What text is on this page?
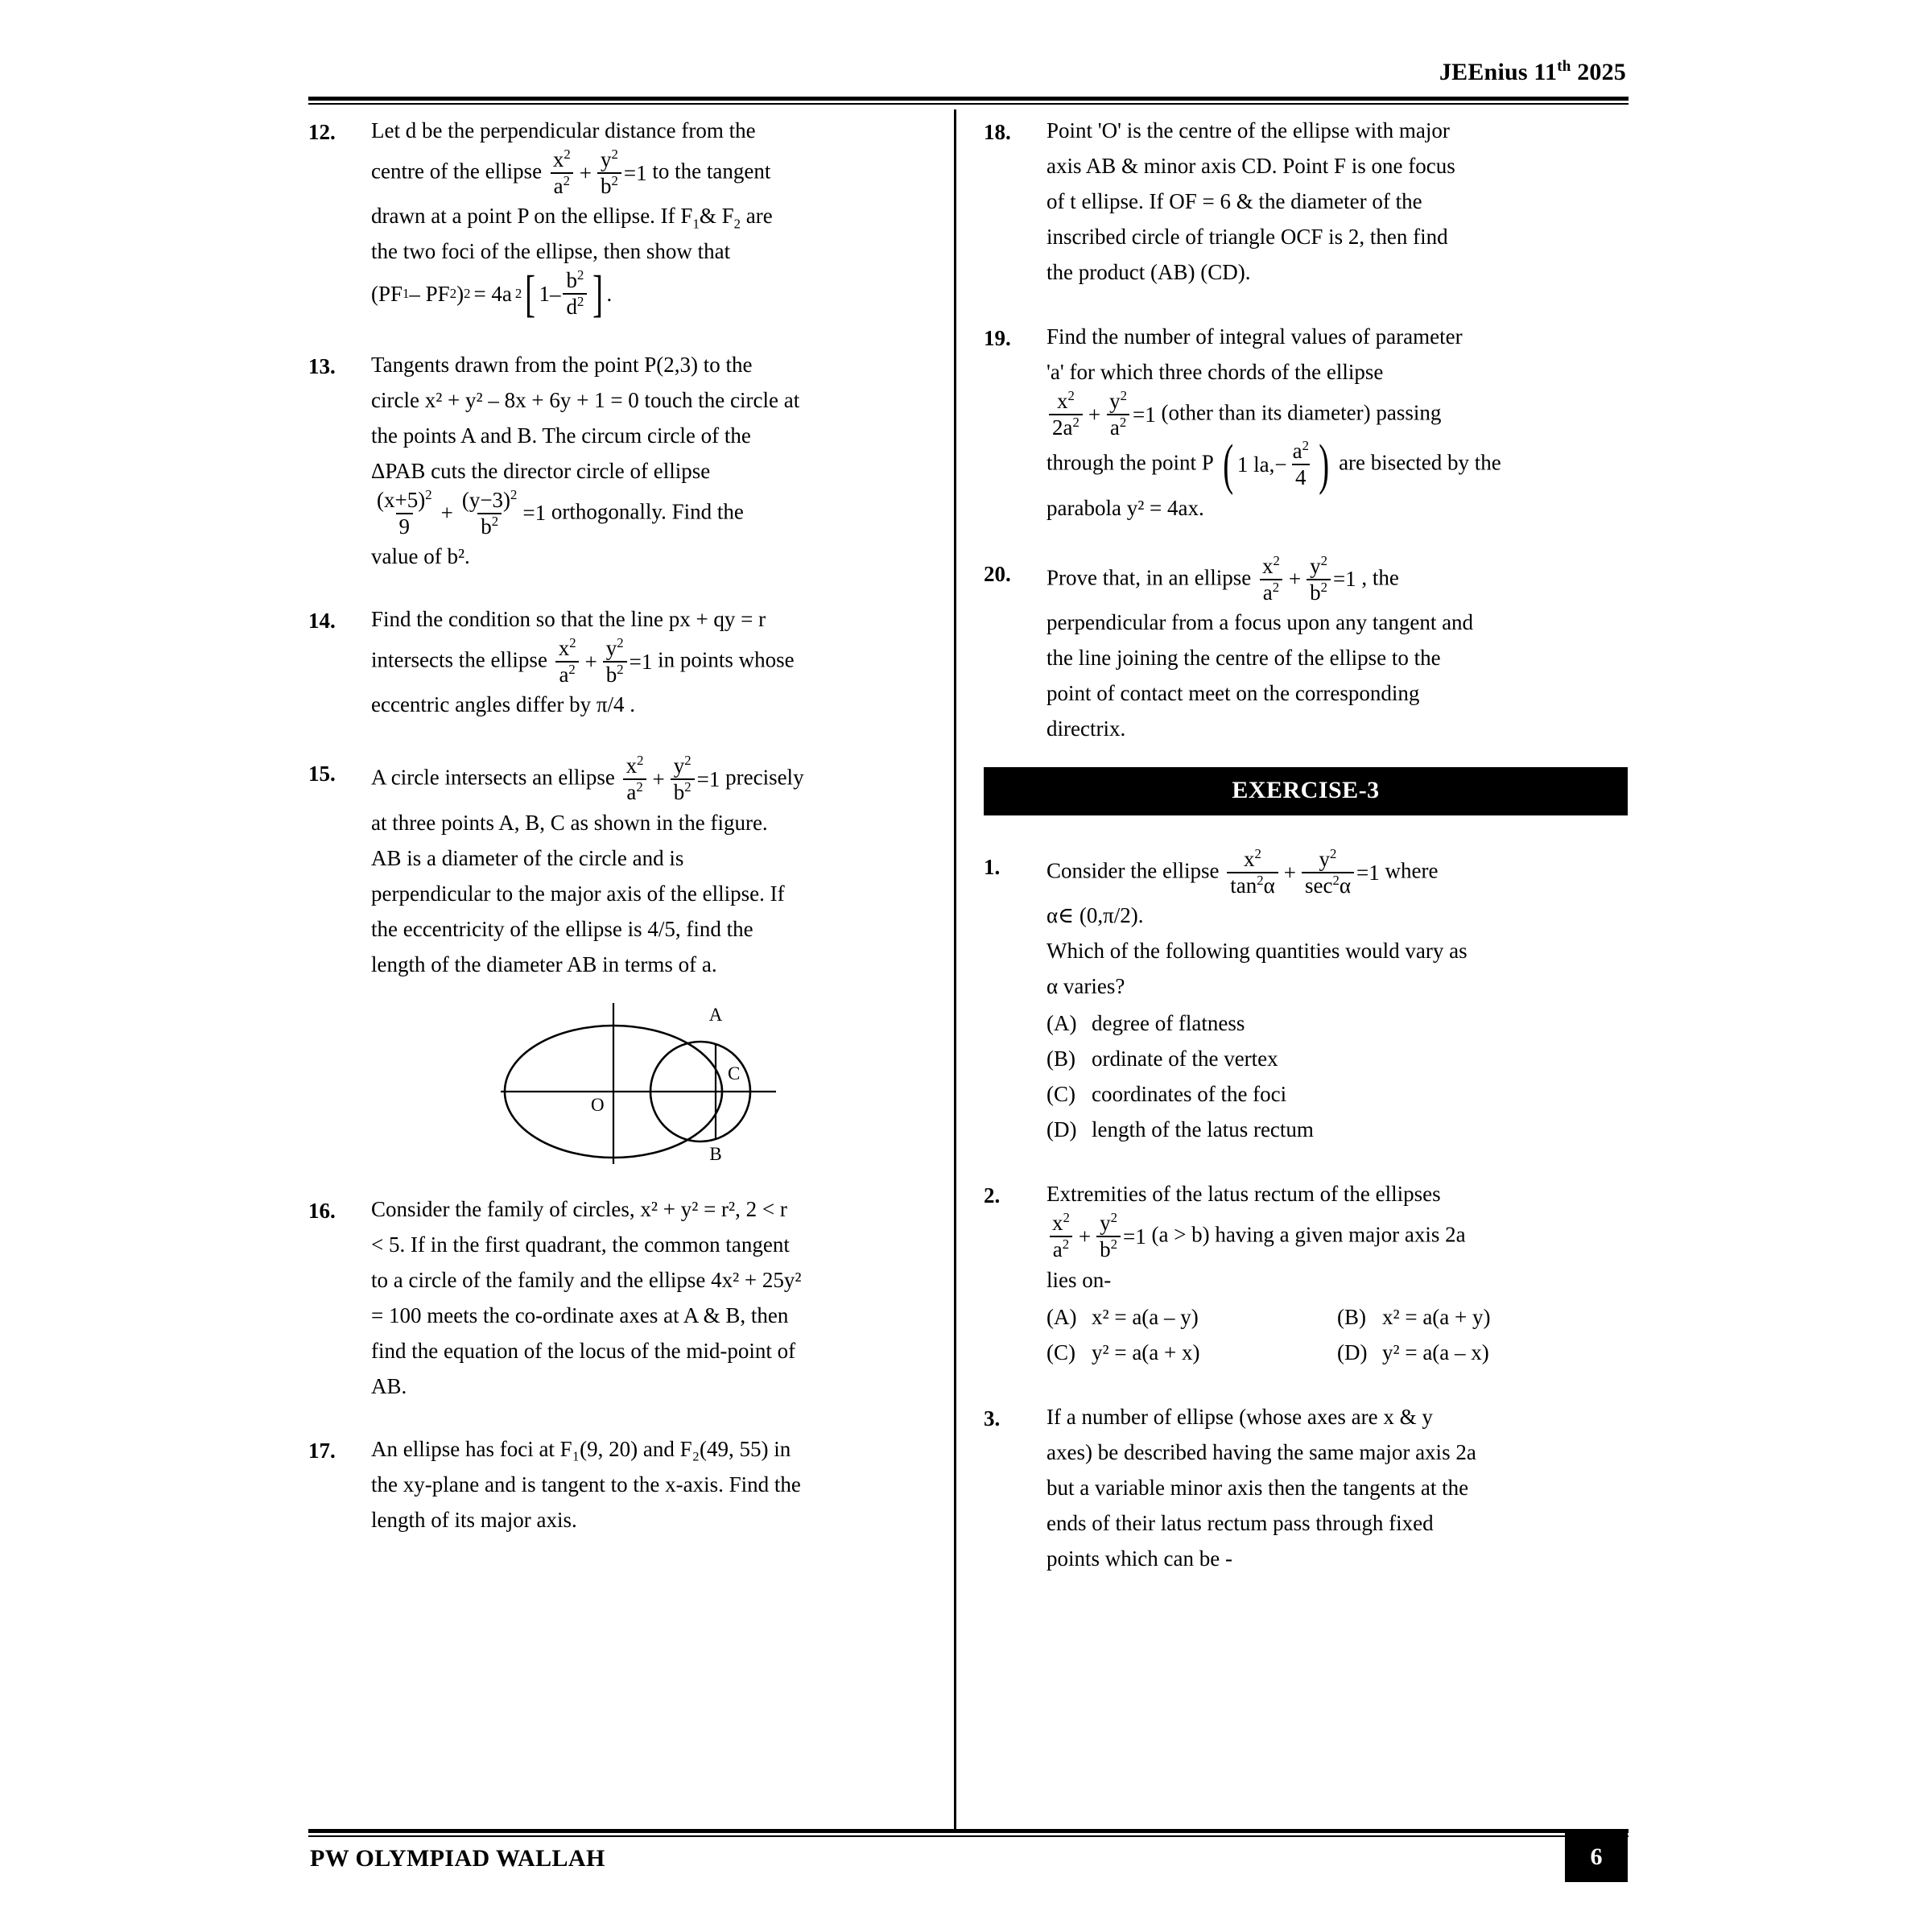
JEEnius 11th 2025
12.	Let d be the perpendicular distance from the

centre of the ellipse $\frac{x^2}{a^2} + \frac{y^2}{b^2} =1$ to the tangent

drawn at a point P on the ellipse. If $F_1\&$ $F_2$ are

the two foci of the ellipse, then show that

(PF 1 – PF 2 ) 2 = 4a 2 [ $1- \frac{b^2}{d^2}$ ] .

13.	Tangents drawn from the point P(2,3) to the

circle x² + y² – 8x + 6y + 1 = 0 touch the circle at

the points A and B. The circum circle of the

ΔPAB cuts the director circle of ellipse

$\frac{(x+5)^2}{9} + \frac{(y-3)^2}{b^2} =1$ orthogonally. Find the

value of b².

14.	Find the condition so that the line px + qy = r

intersects the ellipse $\frac{x^2}{a^2} + \frac{y^2}{b^2} =1$ in points whose

eccentric angles differ by π/4 .

15.	A circle intersects an ellipse $\frac{x^2}{a^2} + \frac{y^2}{b^2} =1$ precisely

at three points A, B, C as shown in the figure.

AB is a diameter of the circle and is

perpendicular to the major axis of the ellipse. If

the eccentricity of the ellipse is 4/5, find the

length of the diameter AB in terms of a.

A
B
C
O
16.	Consider the family of circles, x² + y² = r², 2 < r

< 5. If in the first quadrant, the common tangent

to a circle of the family and the ellipse 4x² + 25y²

= 100 meets the co-ordinate axes at A & B, then

find the equation of the locus of the mid-point of

AB.

17.	An ellipse has foci at F₁(9, 20) and F₂(49, 55) in

the xy-plane and is tangent to the x-axis. Find the

length of its major axis.

18.	Point 'O' is the centre of the ellipse with major

axis AB & minor axis CD. Point F is one focus

of t ellipse. If OF = 6 & the diameter of the

inscribed circle of triangle OCF is 2, then find

the product (AB) (CD).

19.	Find the number of integral values of parameter

'a' for which three chords of the ellipse

$\frac{x^2}{2a^2} + \frac{y^2}{a^2} =1$ (other than its diameter) passing

through the point P ( 1 $la,- \frac{a^2}{4}$ ) are bisected by the

parabola y² = 4ax.

20.	Prove that, in an ellipse $\frac{x^2}{a^2} + \frac{y^2}{b^2} =1$ , the

perpendicular from a focus upon any tangent and

the line joining the centre of the ellipse to the

point of contact meet on the corresponding

directrix.

EXERCISE-3
1.	Consider the ellipse $\frac{x^2}{\tan^2\alpha} + \frac{y^2}{\sec^2\alpha} =1$ where

α∈ (0,π/2).

Which of the following quantities would vary as

α varies?

(A) degree of flatness
(B) ordinate of the vertex
(C) coordinates of the foci
(D) length of the latus rectum
2.	Extremities of the latus rectum of the ellipses

$\frac{x^2}{a^2} + \frac{y^2}{b^2} =1$ (a > b) having a given major axis 2a

lies on-

(A) x² = a(a – y)	(B) x² = a(a + y)
(C) y² = a(a + x)	(D) y² = a(a – x)
3.	If a number of ellipse (whose axes are x & y

axes) be described having the same major axis 2a

but a variable minor axis then the tangents at the

ends of their latus rectum pass through fixed

points which can be -

PW OLYMPIAD WALLAH	6
